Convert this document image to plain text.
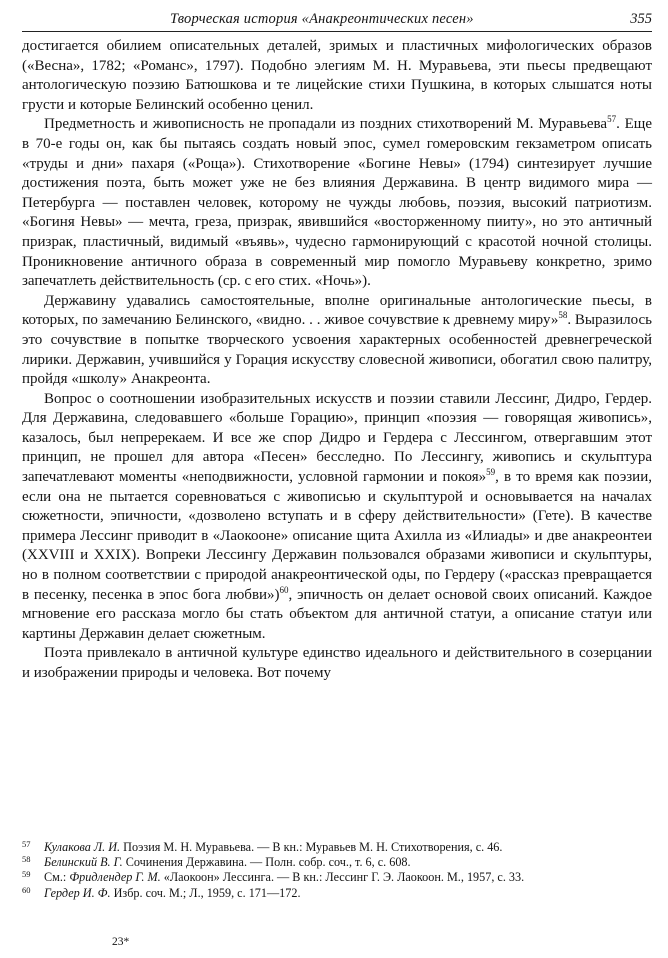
Творческая история «Анакреонтических песен»	355

достигается обилием описательных деталей, зримых и пластичных мифологических образов («Весна», 1782; «Романс», 1797). Подобно элегиям М. Н. Муравьева, эти пьесы предвещают антологическую поэзию Батюшкова и те лицейские стихи Пушкина, в которых слышатся ноты грусти и которые Белинский особенно ценил.

Предметность и живописность не пропадали из поздних стихотворений М. Муравьева$^{57}$. Еще в 70-е годы он, как бы пытаясь создать новый эпос, сумел гомеровским гекзаметром описать «труды и дни» пахаря («Роща»). Стихотворение «Богине Невы» (1794) синтезирует лучшие достижения поэта, быть может уже не без влияния Державина. В центр видимого мира — Петербурга — поставлен человек, которому не чужды любовь, поэзия, высокий патриотизм. «Богиня Невы» — мечта, греза, призрак, явившийся «восторженному пииту», но это античный призрак, пластичный, видимый «въявь», чудесно гармонирующий с красотой ночной столицы. Проникновение античного образа в современный мир помогло Муравьеву конкретно, зримо запечатлеть действительность (ср. с его стих. «Ночь»).

Державину удавались самостоятельные, вполне оригинальные антологические пьесы, в которых, по замечанию Белинского, «видно. . . живое сочувствие к древнему миру»$^{58}$. Выразилось это сочувствие в попытке творческого усвоения характерных особенностей древнегреческой лирики. Державин, учившийся у Горация искусству словесной живописи, обогатил свою палитру, пройдя «школу» Анакреонта.

Вопрос о соотношении изобразительных искусств и поэзии ставили Лессинг, Дидро, Гердер. Для Державина, следовавшего «больше Горацию», принцип «поэзия — говорящая живопись», казалось, был непререкаем. И все же спор Дидро и Гердера с Лессингом, отвергавшим этот принцип, не прошел для автора «Песен» бесследно. По Лессингу, живопись и скульптура запечатлевают моменты «неподвижности, условной гармонии и покоя»$^{59}$, в то время как поэзии, если она не пытается соревноваться с живописью и скульптурой и основывается на началах сюжетности, эпичности, «дозволено вступать и в сферу действительности» (Гете). В качестве примера Лессинг приводит в «Лаокооне» описание щита Ахилла из «Илиады» и две анакреонтеи (XXVIII и XXIX). Вопреки Лессингу Державин пользовался образами живописи и скульптуры, но в полном соответствии с природой анакреонтической оды, по Гердеру («рассказ превращается в песенку, песенка в эпос бога любви»)$^{60}$, эпичность он делает основой своих описаний. Каждое мгновение его рассказа могло бы стать объектом для античной статуи, а описание статуи или картины Державин делает сюжетным.

Поэта привлекало в античной культуре единство идеального и действительного в созерцании и изображении природы и человека. Вот почему

57 Кулакова Л. И. Поэзия М. Н. Муравьева. — В кн.: Муравьев М. Н. Стихотворения, с. 46.
58 Белинский В. Г. Сочинения Державина. — Полн. собр. соч., т. 6, с. 608.
59 См.: Фридлендер Г. М. «Лаокоон» Лессинга. — В кн.: Лессинг Г. Э. Лаокоон. М., 1957, с. 33.
60 Гердер И. Ф. Избр. соч. М.; Л., 1959, с. 171—172.
23*
